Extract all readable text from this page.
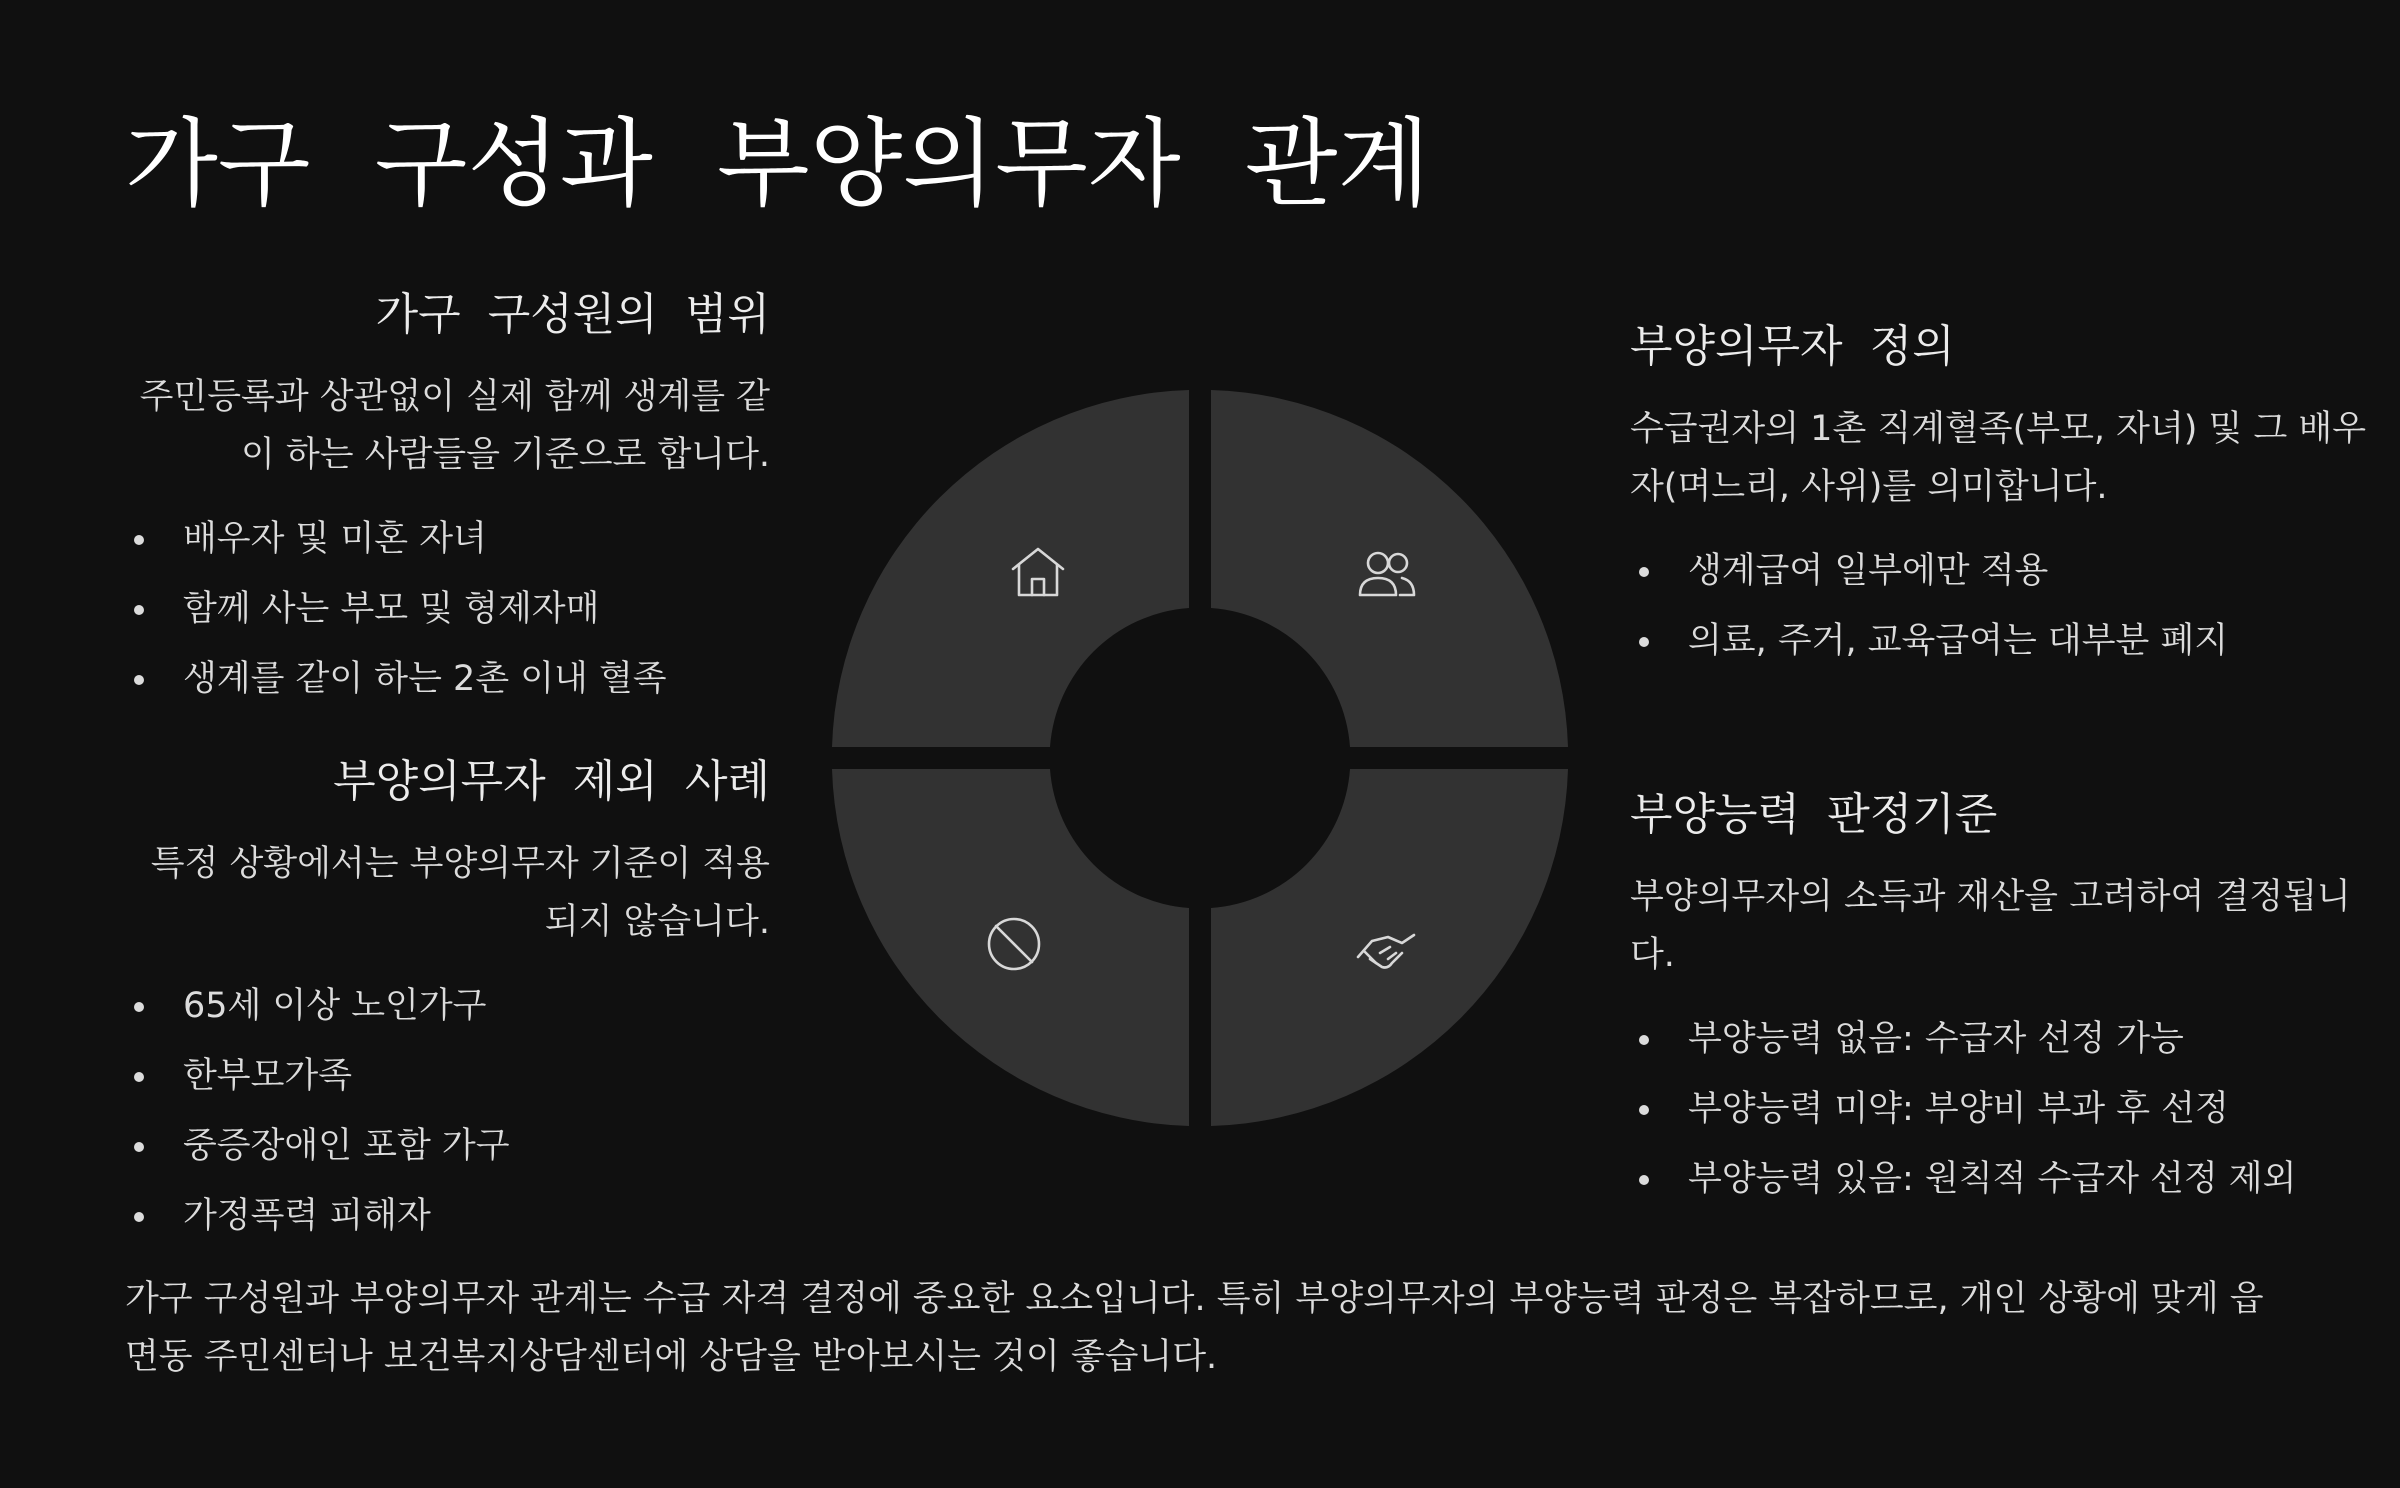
가구 구성과 부양의무자 관계
가구 구성원의 범위

주민등록과 상관없이 실제 함께 생계를 같이 하는 사람들을 기준으로 합니다.

배우자 및 미혼 자녀
함께 사는 부모 및 형제자매
생계를 같이 하는 2촌 이내 혈족
부양의무자 제외 사례

특정 상황에서는 부양의무자 기준이 적용되지 않습니다.

65세 이상 노인가구
한부모가족
중증장애인 포함 가구
가정폭력 피해자
부양의무자 정의

수급권자의 1촌 직계혈족(부모, 자녀) 및 그 배우자(며느리, 사위)를 의미합니다.

생계급여 일부에만 적용
의료, 주거, 교육급여는 대부분 폐지
부양능력 판정기준

부양의무자의 소득과 재산을 고려하여 결정됩니다.

부양능력 없음: 수급자 선정 가능
부양능력 미약: 부양비 부과 후 선정
부양능력 있음: 원칙적 수급자 선정 제외

가구 구성원과 부양의무자 관계는 수급 자격 결정에 중요한 요소입니다. 특히 부양의무자의 부양능력 판정은 복잡하므로, 개인 상황에 맞게 읍면동 주민센터나 보건복지상담센터에 상담을 받아보시는 것이 좋습니다.
